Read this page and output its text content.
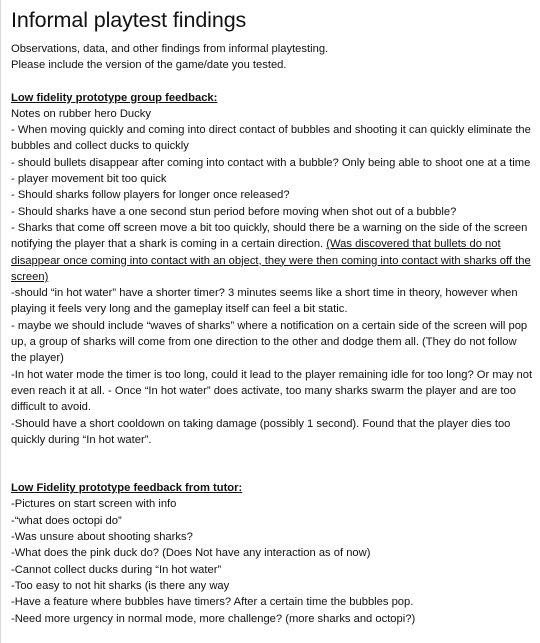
Informal playtest findings
Observations, data, and other findings from informal playtesting.
Please include the version of the game/date you tested.
Low fidelity prototype group feedback:
Notes on rubber hero Ducky
- When moving quickly and coming into direct contact of bubbles and shooting it can quickly eliminate the bubbles and collect ducks to quickly
- should bullets disappear after coming into contact with a bubble? Only being able to shoot one at a time
- player movement bit too quick
- Should sharks follow players for longer once released?
- Should sharks have a one second stun period before moving when shot out of a bubble?
- Sharks that come off screen move a bit too quickly, should there be a warning on the side of the screen notifying the player that a shark is coming in a certain direction. (Was discovered that bullets do not disappear once coming into contact with an object, they were then coming into contact with sharks off the screen)
-should “in hot water” have a shorter timer? 3 minutes seems like a short time in theory, however when playing it feels very long and the gameplay itself can feel a bit static.
- maybe we should include “waves of sharks” where a notification on a certain side of the screen will pop up, a group of sharks will come from one direction to the other and dodge them all. (They do not follow the player)
-In hot water mode the timer is too long, could it lead to the player remaining idle for too long? Or may not even reach it at all. - Once “In hot water” does activate, too many sharks swarm the player and are too difficult to avoid.
-Should have a short cooldown on taking damage (possibly 1 second). Found that the player dies too quickly during “In hot water”.
Low Fidelity prototype feedback from tutor:
-Pictures on start screen with info
-“what does octopi do”
-Was unsure about shooting sharks?
-What does the pink duck do? (Does Not have any interaction as of now)
-Cannot collect ducks during “In hot water”
-Too easy to not hit sharks (is there any way
-Have a feature where bubbles have timers? After a certain time the bubbles pop.
-Need more urgency in normal mode, more challenge? (more sharks and octopi?)
